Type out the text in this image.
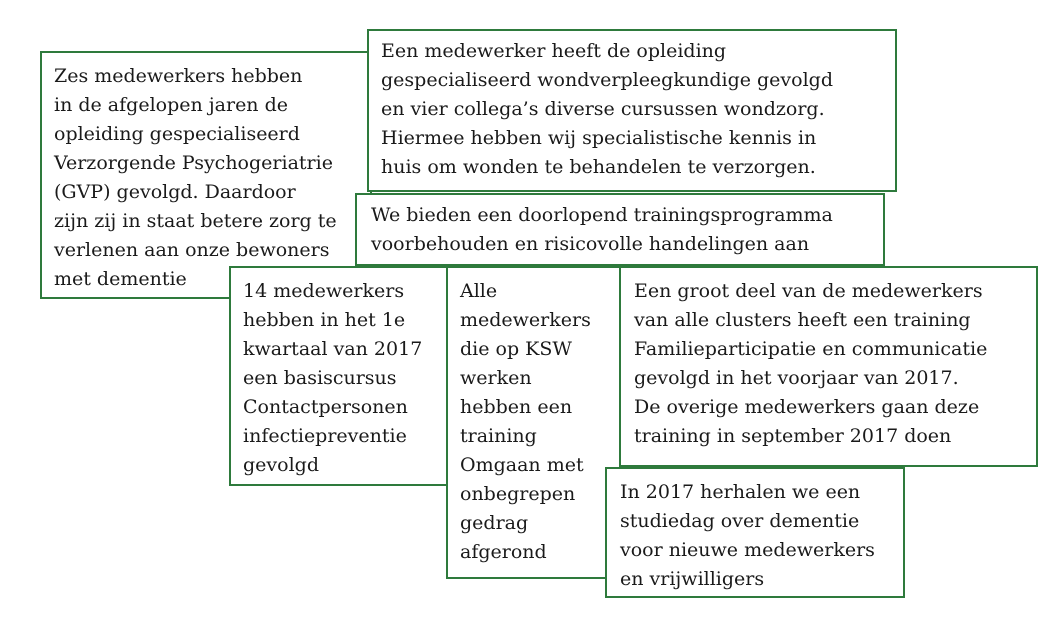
Zes medewerkers hebben
in de afgelopen jaren de
opleiding gespecialiseerd
Verzorgende Psychogeriatrie
(GVP) gevolgd. Daardoor
zijn zij in staat betere zorg te
verlenen aan onze bewoners
met dementie

Een medewerker heeft de opleiding
gespecialiseerd wondverpleegkundige gevolgd
en vier collega’s diverse cursussen wondzorg.
Hiermee hebben wij specialistische kennis in
huis om wonden te behandelen te verzorgen.

We bieden een doorlopend trainingsprogramma
voorbehouden en risicovolle handelingen aan

14 medewerkers
hebben in het 1e
kwartaal van 2017
een basiscursus
Contactpersonen
infectiepreventie
gevolgd

Alle
medewerkers
die op KSW
werken
hebben een
training
Omgaan met
onbegrepen
gedrag
afgerond

Een groot deel van de medewerkers
van alle clusters heeft een training
Familieparticipatie en communicatie
gevolgd in het voorjaar van 2017.
De overige medewerkers gaan deze
training in september 2017 doen

In 2017 herhalen we een
studiedag over dementie
voor nieuwe medewerkers
en vrijwilligers
